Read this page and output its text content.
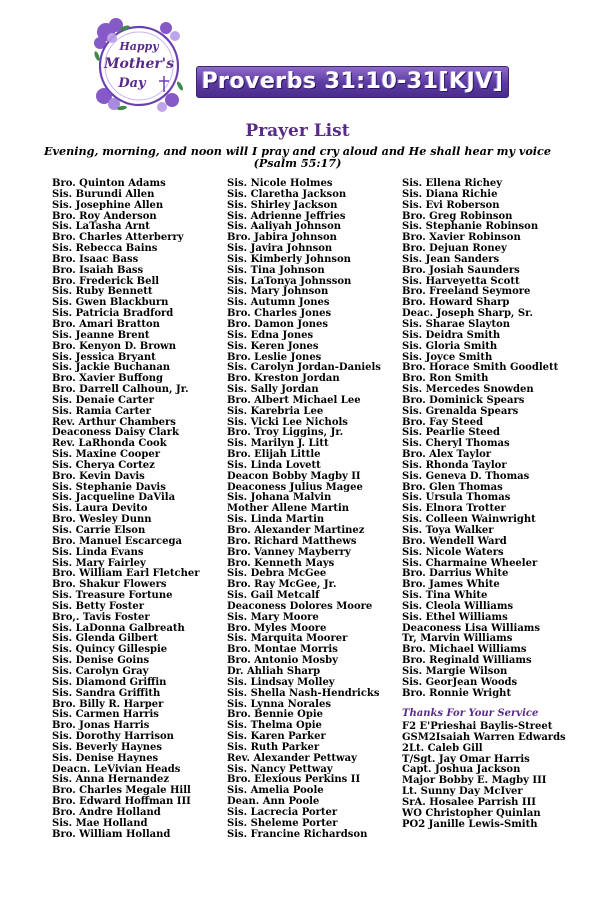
Happy
Mother's
Day	Proverbs 31:10-31[KJV]
Prayer List
Evening, morning, and noon will I pray and cry aloud and He shall hear my voice
(Psalm 55:17)
Bro. Quinton Adams
Sis. Burundi Allen
Sis. Josephine Allen
Bro. Roy Anderson
Sis. LaTasha Arnt
Bro. Charles Atterberry
Sis. Rebecca Bains
Bro. Isaac Bass
Bro. Isaiah Bass
Bro. Frederick Bell
Sis. Ruby Bennett
Sis. Gwen Blackburn
Sis. Patricia Bradford
Bro. Amari Bratton
Sis. Jeanne Brent
Bro. Kenyon D. Brown
Sis. Jessica Bryant
Sis. Jackie Buchanan
Bro. Xavier Buffong
Bro. Darrell Calhoun, Jr.
Sis. Denaie Carter
Sis. Ramia Carter
Rev. Arthur Chambers
Deaconess Daisy Clark
Rev. LaRhonda Cook
Sis. Maxine Cooper
Sis. Cherya Cortez
Bro. Kevin Davis
Sis. Stephanie Davis
Sis. Jacqueline DaVila
Sis. Laura Devito
Bro. Wesley Dunn
Sis. Carrie Elson
Bro. Manuel Escarcega
Sis. Linda Evans
Sis. Mary Fairley
Bro. William Earl Fletcher
Bro. Shakur Flowers
Sis. Treasure Fortune
Sis. Betty Foster
Bro,. Tavis Foster
Sis. LaDonna Galbreath
Sis. Glenda Gilbert
Sis. Quincy Gillespie
Sis. Denise Goins
Sis. Carolyn Gray
Sis. Diamond Griffin
Sis. Sandra Griffith
Bro. Billy R. Harper
Sis. Carmen Harris
Bro. Jonas Harris
Sis. Dorothy Harrison
Sis. Beverly Haynes
Sis. Denise Haynes
Deacn. LeVivian Heads
Sis. Anna Hernandez
Bro. Charles Megale Hill
Bro. Edward Hoffman III
Bro. Andre Holland
Sis. Mae Holland
Bro. William Holland
Sis. Nicole Holmes
Sis. Claretha Jackson
Sis. Shirley Jackson
Sis. Adrienne Jeffries
Sis. Aaliyah Johnson
Bro. Jabira Johnson
Sis. Javira Johnson
Sis. Kimberly Johnson
Sis. Tina Johnson
Sis. LaTonya Johnsson
Sis. Mary Johnson
Sis. Autumn Jones
Bro. Charles Jones
Bro. Damon Jones
Sis. Edna Jones
Sis. Keren Jones
Bro. Leslie Jones
Sis. Carolyn Jordan-Daniels
Bro. Kreston Jordan
Sis. Sally Jordan
Bro. Albert Michael Lee
Sis. Karebria Lee
Sis. Vicki Lee Nichols
Bro. Troy Liggins, Jr.
Sis. Marilyn J. Litt
Bro. Elijah Little
Sis. Linda Lovett
Deacon Bobby Magby II
Deaconess Julius Magee
Sis. Johana Malvin
Mother Allene Martin
Sis. Linda Martin
Bro. Alexander Martinez
Bro. Richard Matthews
Bro. Vanney Mayberry
Bro. Kenneth Mays
Sis. Debra McGee
Bro. Ray McGee, Jr.
Sis. Gail Metcalf
Deaconess Dolores Moore
Sis. Mary Moore
Bro. Myles Moore
Sis. Marquita Moorer
Bro. Montae Morris
Bro. Antonio Mosby
Dr. Ahliah Sharp
Sis. Lindsay Molley
Sis. Shella Nash-Hendricks
Sis. Lynna Norales
Bro. Bennie Opie
Sis. Thelma Opie
Sis. Karen Parker
Sis. Ruth Parker
Rev. Alexander Pettway
Sis. Nancy Pettway
Bro. Elexious Perkins II
Sis. Amelia Poole
Dean. Ann Poole
Sis. Lacrecia Porter
Sis. Sheleme Porter
Sis. Francine Richardson
Sis. Ellena Richey
Sis. Diana Richie
Sis. Evi Roberson
Bro. Greg Robinson
Sis. Stephanie Robinson
Bro. Xavier Robinson
Bro. Dejuan Roney
Sis. Jean Sanders
Bro. Josiah Saunders
Sis. Harveyetta Scott
Bro. Freeland Seymore
Bro. Howard Sharp
Deac. Joseph Sharp, Sr.
Sis. Sharae Slayton
Sis. Deidra Smith
Sis. Gloria Smith
Sis. Joyce Smith
Bro. Horace Smith Goodlett
Bro. Ron Smith
Sis. Mercedes Snowden
Bro. Dominick Spears
Sis. Grenalda Spears
Bro. Fay Steed
Sis. Pearlie Steed
Sis. Cheryl Thomas
Bro. Alex Taylor
Sis. Rhonda Taylor
Sis. Geneva D. Thomas
Bro. Glen Thomas
Sis. Ursula Thomas
Sis. Elnora Trotter
Sis. Colleen Wainwright
Sis. Toya Walker
Bro. Wendell Ward
Sis. Nicole Waters
Sis. Charmaine Wheeler
Bro. Darrius White
Bro. James White
Sis. Tina White
Sis. Cleola Williams
Sis. Ethel Williams
Deaconess Lisa Williams
Tr, Marvin Williams
Bro. Michael Williams
Bro. Reginald Williams
Sis. Margie Wilson
Sis. GeorJean Woods
Bro. Ronnie Wright
Thanks For Your Service
F2 E'Prieshai Baylis-Street
GSM2Isaiah Warren Edwards
2Lt. Caleb Gill
T/Sgt. Jay Omar Harris
Capt. Joshua Jackson
Major Bobby E. Magby III
Lt. Sunny Day McIver
SrA. Hosalee Parrish III
WO Christopher Quinlan
PO2 Janille Lewis-Smith
